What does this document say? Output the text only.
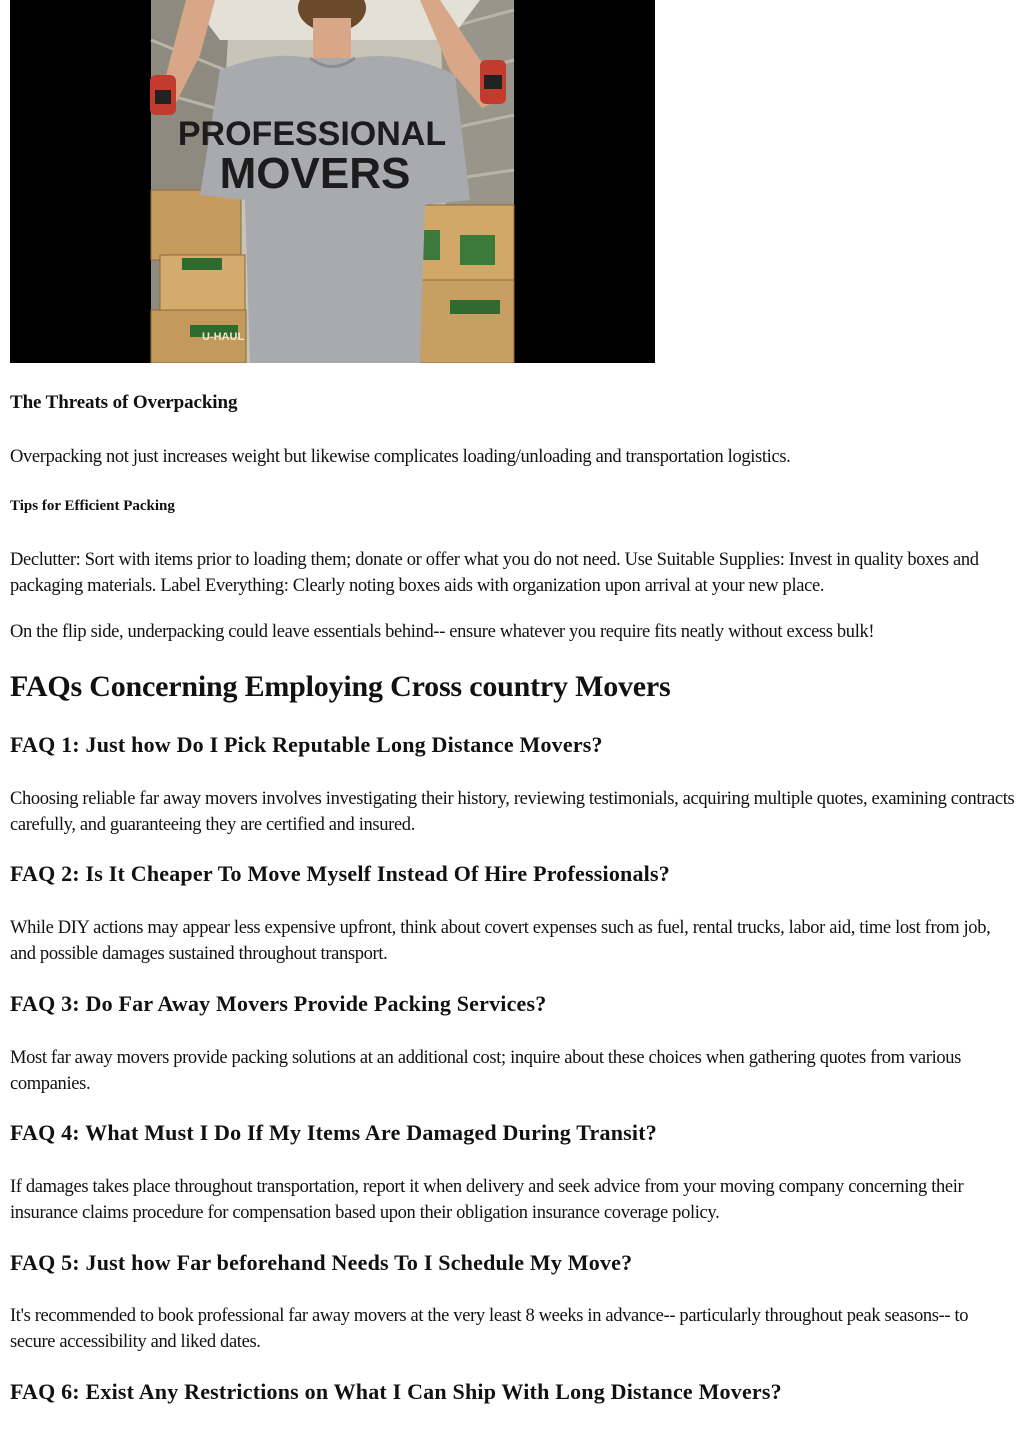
PROFESSIONAL
MOVERS
U-HAUL
The Threats of Overpacking

Overpacking not just increases weight but likewise complicates loading/unloading and transportation logistics.

Tips for Efficient Packing

Declutter: Sort with items prior to loading them; donate or offer what you do not need. Use Suitable Supplies: Invest in quality boxes and packaging materials. Label Everything: Clearly noting boxes aids with organization upon arrival at your new place.

On the flip side, underpacking could leave essentials behind-- ensure whatever you require fits neatly without excess bulk!

FAQs Concerning Employing Cross country Movers
FAQ 1: Just how Do I Pick Reputable Long Distance Movers?

Choosing reliable far away movers involves investigating their history, reviewing testimonials, acquiring multiple quotes, examining contracts carefully, and guaranteeing they are certified and insured.

FAQ 2: Is It Cheaper To Move Myself Instead Of Hire Professionals?

While DIY actions may appear less expensive upfront, think about covert expenses such as fuel, rental trucks, labor aid, time lost from job, and possible damages sustained throughout transport.

FAQ 3: Do Far Away Movers Provide Packing Services?

Most far away movers provide packing solutions at an additional cost; inquire about these choices when gathering quotes from various companies.

FAQ 4: What Must I Do If My Items Are Damaged During Transit?

If damages takes place throughout transportation, report it when delivery and seek advice from your moving company concerning their insurance claims procedure for compensation based upon their obligation insurance coverage policy.

FAQ 5: Just how Far beforehand Needs To I Schedule My Move?

It's recommended to book professional far away movers at the very least 8 weeks in advance-- particularly throughout peak seasons-- to secure accessibility and liked dates.

FAQ 6: Exist Any Restrictions on What I Can Ship With Long Distance Movers?
